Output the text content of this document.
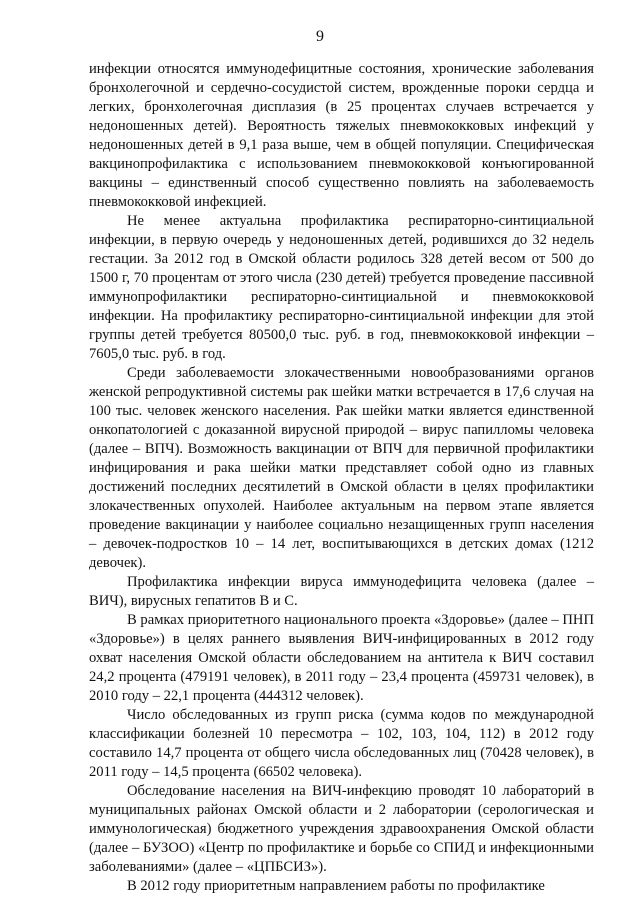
9

инфекции относятся иммунодефицитные состояния, хронические заболевания бронхолегочной и сердечно-сосудистой систем, врожденные пороки сердца и легких, бронхолегочная дисплазия (в 25 процентах случаев встречается у недоношенных детей). Вероятность тяжелых пневмококковых инфекций у недоношенных детей в 9,1 раза выше, чем в общей популяции. Специфическая вакцинопрофилактика с использованием пневмококковой конъюгированной вакцины – единственный способ существенно повлиять на заболеваемость пневмококковой инфекцией.

Не менее актуальна профилактика респираторно-синтициальной инфекции, в первую очередь у недоношенных детей, родившихся до 32 недель гестации. За 2012 год в Омской области родилось 328 детей весом от 500 до 1500 г, 70 процентам от этого числа (230 детей) требуется проведение пассивной иммунопрофилактики респираторно-синтициальной и пневмококковой инфекции. На профилактику респираторно-синтициальной инфекции для этой группы детей требуется 80500,0 тыс. руб. в год, пневмококковой инфекции – 7605,0 тыс. руб. в год.

Среди заболеваемости злокачественными новообразованиями органов женской репродуктивной системы рак шейки матки встречается в 17,6 случая на 100 тыс. человек женского населения. Рак шейки матки является единственной онкопатологией с доказанной вирусной природой – вирус папилломы человека (далее – ВПЧ). Возможность вакцинации от ВПЧ для первичной профилактики инфицирования и рака шейки матки представляет собой одно из главных достижений последних десятилетий в Омской области в целях профилактики злокачественных опухолей. Наиболее актуальным на первом этапе является проведение вакцинации у наиболее социально незащищенных групп населения – девочек-подростков 10 – 14 лет, воспитывающихся в детских домах (1212 девочек).

Профилактика инфекции вируса иммунодефицита человека (далее – ВИЧ), вирусных гепатитов В и С.

В рамках приоритетного национального проекта «Здоровье» (далее – ПНП «Здоровье») в целях раннего выявления ВИЧ-инфицированных в 2012 году охват населения Омской области обследованием на антитела к ВИЧ составил 24,2 процента (479191 человек), в 2011 году – 23,4 процента (459731 человек), в 2010 году – 22,1 процента (444312 человек).

Число обследованных из групп риска (сумма кодов по международной классификации болезней 10 пересмотра – 102, 103, 104, 112) в 2012 году составило 14,7 процента от общего числа обследованных лиц (70428 человек), в 2011 году – 14,5 процента (66502 человека).

Обследование населения на ВИЧ-инфекцию проводят 10 лабораторий в муниципальных районах Омской области и 2 лаборатории (серологическая и иммунологическая) бюджетного учреждения здравоохранения Омской области (далее – БУЗОО) «Центр по профилактике и борьбе со СПИД и инфекционными заболеваниями» (далее – «ЦПБСИЗ»).

В 2012 году приоритетным направлением работы по профилактике
